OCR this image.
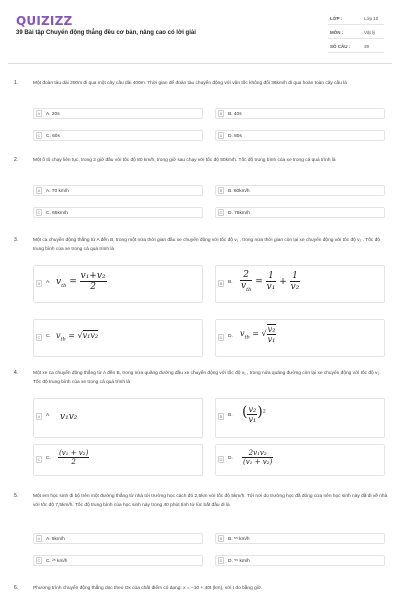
QUIZIZZ
39 Bài tập Chuyển động thẳng đều cơ bản, nâng cao có lời giải
LỚP :	Lớp 10
MÔN :	Vật lý
SỐ CÂU :	39
1.	Một đoàn tàu dài 200m đi qua một cây cầu dài 400m. Thời gian để đoàn tàu chuyển động với vận tốc không đổi 36km/h đi qua hoàn toàn cây cầu là
A	A. 20s	B	B. 40s
C	C. 60s	D	D. 80s
2.	Một ô tô chạy liên tục, trong 2 giờ đầu với tốc độ 80 km/h, trong giờ sau chạy với tốc độ 50km/h. Tốc độ trung bình của xe trong cả quá trình là
A	A. 70 km/h	B	B. 60km/h
C	C. 65km/h	D	D. 75km/h
3.	Một ca chuyển động thẳng từ A đến B, trong một nửa thời gian đầu xe chuyển động với tốc độ v₁ , trong nửa thời gian còn lại xe chuyển động với tốc độ v₂ . Tốc độ trung bình của xe trong cả quá trình là
A	A. $v_{tb} = \frac{\text{v₁+v₂}}{2}$	B	B. $\frac{2}{v_{tb}} = \frac{1}{\text{v₁}} + \frac{1}{\text{v₂}}$
C	C. $v_{tb} = √v_1v_2$	D	D. $v_{tb}$ = √ $\frac{\text{v₂}}{\text{v₁}}$
4.	Một xe ca chuyển động thẳng từ A đến B, trong nửa quãng đường đầu xe chuyển động với tốc độ v₁ , trong nửa quãng đường còn lại xe chuyển động với tốc độ v₂. Tốc độ trung bình của xe trong cả quá trình là
A	A. v₁v₂	B	B. ( $\frac{\text{v₂}}{\text{v₁}} )^2$
C	C. $\frac{\text{(v₁ + v₂)}}{2}$	D	D. $\frac{\text{2v₁v₂}}{\text{(v₁ + v₂)}}$
5.	Một em học sinh đi bộ trên một đường thẳng từ nhà tới trường học cách đó 2,5km với tốc độ 5km/h. Tới nơi do trường học đã đóng cửa nên học sinh này đã đi về nhà với tốc độ 7,5km/h. Tốc độ trung bình của học sinh này trong 40 phút tính từ lúc bắt đầu đi là
A	A. 5km/h	B	B. ⁵⁵ km/h
C	C. ²⁵ km/h	D	D. ⁵⁵ km/h
6.	Phương trình chuyển động thẳng dọc theo Ox của chất điểm có dạng: x = −10 + 40t (km), với t đo bằng giờ.
